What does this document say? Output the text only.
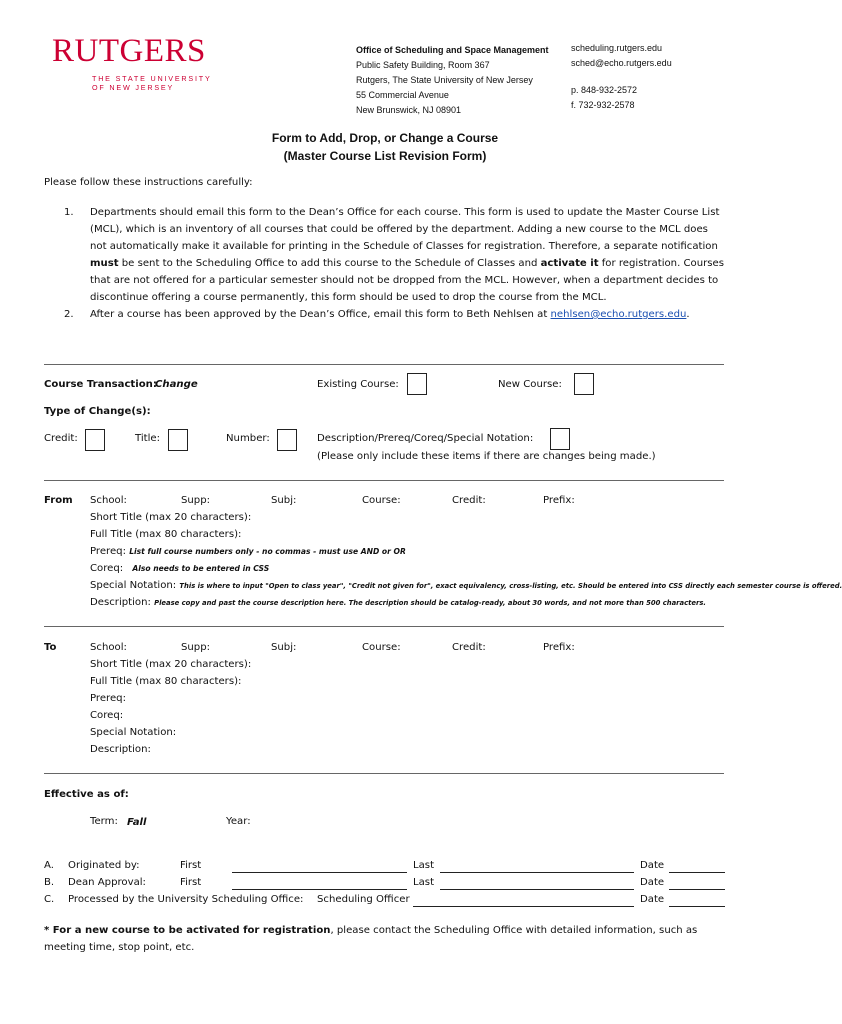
RUTGERS
THE STATE UNIVERSITY
OF NEW JERSEY
Office of Scheduling and Space Management
Public Safety Building, Room 367
Rutgers, The State University of New Jersey
55 Commercial Avenue
New Brunswick, NJ 08901
scheduling.rutgers.edu
sched@echo.rutgers.edu
p. 848-932-2572
f. 732-932-2578
Form to Add, Drop, or Change a Course
(Master Course List Revision Form)
Please follow these instructions carefully:
1. Departments should email this form to the Dean’s Office for each course. This form is used to update the Master Course List (MCL), which is an inventory of all courses that could be offered by the department. Adding a new course to the MCL does not automatically make it available for printing in the Schedule of Classes for registration. Therefore, a separate notification must be sent to the Scheduling Office to add this course to the Schedule of Classes and activate it for registration. Courses that are not offered for a particular semester should not be dropped from the MCL. However, when a department decides to discontinue offering a course permanently, this form should be used to drop the course from the MCL.
2. After a course has been approved by the Dean’s Office, email this form to Beth Nehlsen at nehlsen@echo.rutgers.edu.
Course Transaction:
Change	Existing Course:	New Course:
Type of Change(s):
Credit:	Title:	Number:	Description/Prereq/Coreq/Special Notation:
(Please only include these items if there are changes being made.)
From School:	Supp:	Subj:	Course:	Credit:	Prefix:
Short Title (max 20 characters):
Full Title (max 80 characters):
Prereq: List full course numbers only - no commas - must use AND or OR
Coreq: Also needs to be entered in CSS
Special Notation: This is where to input "Open to class year", "Credit not given for", exact equivalency, cross-listing, etc. Should be entered into CSS directly each semester course is offered.
Description: Please copy and past the course description here. The description should be catalog-ready, about 30 words, and not more than 500 characters.
To	School:	Supp:	Subj:	Course:	Credit:	Prefix:
Short Title (max 20 characters):
Full Title (max 80 characters):
Prereq:
Coreq:
Special Notation:
Description:
Effective as of:
Term: Fall	Year:
A. Originated by:	First	Last	Date
B. Dean Approval:	First	Last	Date
C. Processed by the University Scheduling Office: Scheduling Officer	Date
* For a new course to be activated for registration, please contact the Scheduling Office with detailed information, such as meeting time, stop point, etc.
